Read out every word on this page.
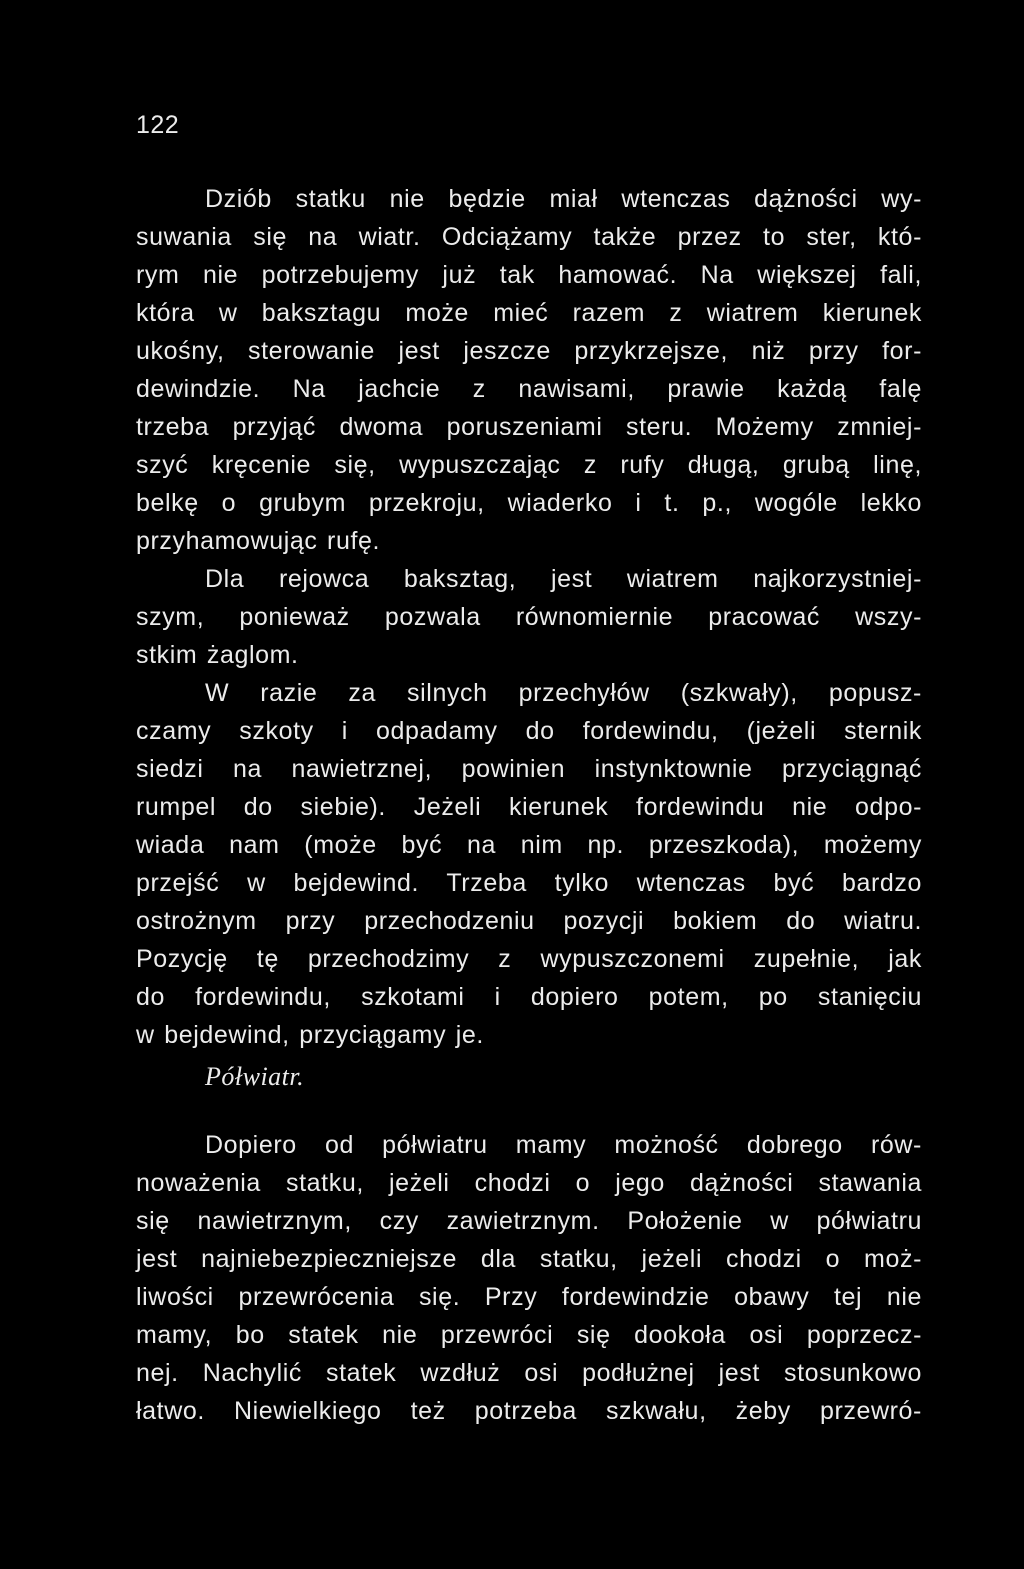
122
Dziób statku nie będzie miał wtenczas dążności wy-
suwania się na wiatr. Odciążamy także przez to ster, któ-
rym nie potrzebujemy już tak hamować. Na większej fali,
która w baksztagu może mieć razem z wiatrem kierunek
ukośny, sterowanie jest jeszcze przykrzejsze, niż przy for-
dewindzie. Na jachcie z nawisami, prawie każdą falę
trzeba przyjąć dwoma poruszeniami steru. Możemy zmniej-
szyć kręcenie się, wypuszczając z rufy długą, grubą linę,
belkę o grubym przekroju, wiaderko i t. p., wogóle lekko
przyhamowując rufę.
Dla rejowca baksztag, jest wiatrem najkorzystniej-
szym, ponieważ pozwala równomiernie pracować wszy-
stkim żaglom.
W razie za silnych przechyłów (szkwały), popusz-
czamy szkoty i odpadamy do fordewindu, (jeżeli sternik
siedzi na nawietrznej, powinien instynktownie przyciągnąć
rumpel do siebie). Jeżeli kierunek fordewindu nie odpo-
wiada nam (może być na nim np. przeszkoda), możemy
przejść w bejdewind. Trzeba tylko wtenczas być bardzo
ostrożnym przy przechodzeniu pozycji bokiem do wiatru.
Pozycję tę przechodzimy z wypuszczonemi zupełnie, jak
do fordewindu, szkotami i dopiero potem, po stanięciu
w bejdewind, przyciągamy je.
Półwiatr.
Dopiero od półwiatru mamy możność dobrego rów-
noważenia statku, jeżeli chodzi o jego dążności stawania
się nawietrznym, czy zawietrznym. Położenie w półwiatru
jest najniebezpieczniejsze dla statku, jeżeli chodzi o moż-
liwości przewrócenia się. Przy fordewindzie obawy tej nie
mamy, bo statek nie przewróci się dookoła osi poprzecz-
nej. Nachylić statek wzdłuż osi podłużnej jest stosunkowo
łatwo. Niewielkiego też potrzeba szkwału, żeby przewró-
